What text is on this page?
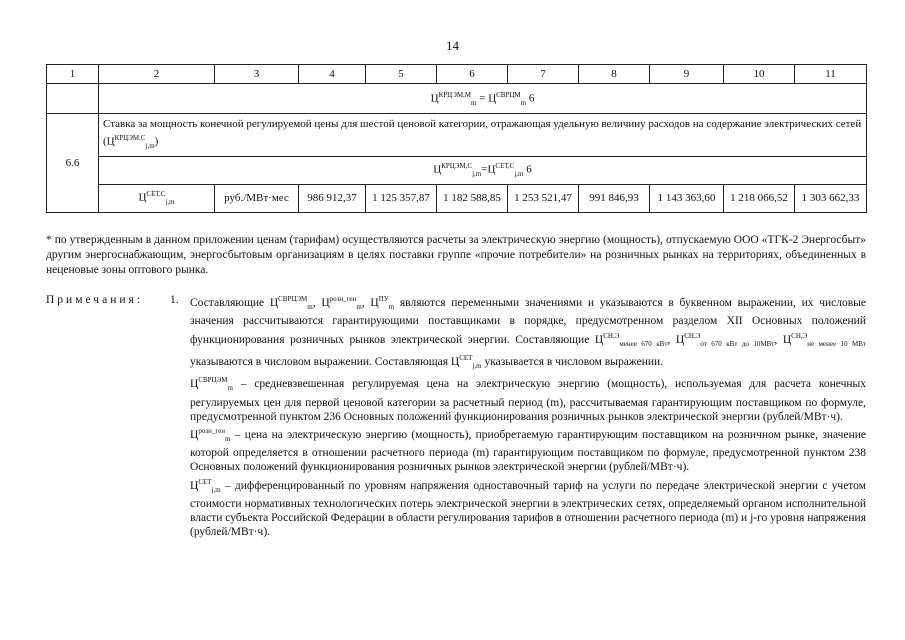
14
1	2	3	4	5	6	7	8	9	10	11
	$Ц^{КРЦЭМ,М}_m = Ц^{СВРЦМ}_m$ 6									
6.6	Ставка за мощность конечной регулируемой цены для шестой ценовой категории, отражающая удельную величину расходов на содержание электрических сетей $(Ц^{КРЦЭМ,С}_{j,m})$									
	$Ц^{КРЦЭМ,С}_{j,m}=Ц^{СЕТ,С}_{j,m}$ 6									
	$Ц^{СЕТ,С}_{j,m}$	руб./МВт·мес	986 912,37	1 125 357,87	1 182 588,85	1 253 521,47	991 846,93	1 143 363,60	1 218 066,52	1 303 662,33
* по утвержденным в данном приложении ценам (тарифам) осуществляются расчеты за электрическую энергию (мощность), отпускаемую ООО «ТГК-2 Энергосбыт» другим энергоснабжающим, энергосбытовым организациям в целях поставки группе «прочие потребители» на розничных рынках на территориях, объединенных в неценовые зоны оптового рынка.
Примечания: 1. Составляющие $Ц^{СВРЦЭМ}_m$, $Ц^{розн\_ген}_m$, $Ц^{ПУ}_m$ являются переменными значениями и указываются в буквенном выражении, их числовые значения рассчитываются гарантирующими поставщиками в порядке, предусмотренном разделом XII Основных положений функционирования розничных рынков электрической энергии. Составляющие $Ц^{СН,Э}_{менее 670 кВт}$, $Ц^{СН,Э}_{от 670 кВт до 10МВт}$, $Ц^{СН,Э}_{не менее 10 МВт}$ указываются в числовом выражении. Составляющая $Ц^{СЕТ}_{j,m}$ указывается в числовом выражении.

$Ц^{СВРЦЭМ}_m$ – средневзвешенная регулируемая цена на электрическую энергию (мощность), используемая для расчета конечных регулируемых цен для первой ценовой категории за расчетный период (m), рассчитываемая гарантирующим поставщиком по формуле, предусмотренной пунктом 236 Основных положений функционирования розничных рынков электрической энергии (рублей/МВт·ч).

$Ц^{розн\_ген}_m$ – цена на электрическую энергию (мощность), приобретаемую гарантирующим поставщиком на розничном рынке, значение которой определяется в отношении расчетного периода (m) гарантирующим поставщиком по формуле, предусмотренной пунктом 238 Основных положений функционирования розничных рынков электрической энергии (рублей/МВт·ч).

$Ц^{СЕТ}_{j,m}$ – дифференцированный по уровням напряжения одноставочный тариф на услуги по передаче электрической энергии с учетом стоимости нормативных технологических потерь электрической энергии в электрических сетях, определяемый органом исполнительной власти субъекта Российской Федерации в области регулирования тарифов в отношении расчетного периода (m) и j-го уровня напряжения (рублей/МВт·ч).
